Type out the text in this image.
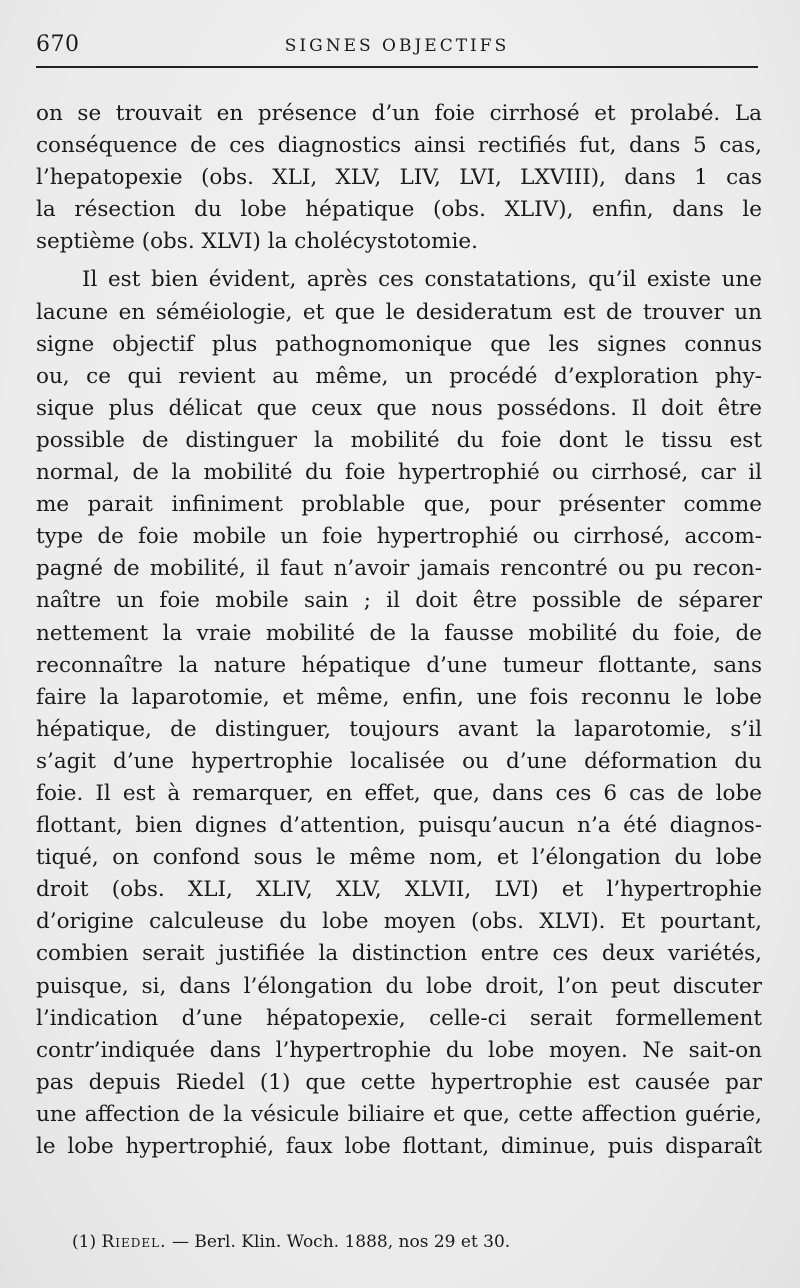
670	SIGNES OBJECTIFS
on se trouvait en présence d’un foie cirrhosé et prolabé. La
conséquence de ces diagnostics ainsi rectifiés fut, dans 5 cas,
l’hepatopexie (obs. XLI, XLV, LIV, LVI, LXVIII), dans 1 cas
la résection du lobe hépatique (obs. XLIV), enfin, dans le
septième (obs. XLVI) la cholécystotomie.
Il est bien évident, après ces constatations, qu’il existe une
lacune en séméiologie, et que le desideratum est de trouver un
signe objectif plus pathognomonique que les signes connus
ou, ce qui revient au même, un procédé d’exploration phy-
sique plus délicat que ceux que nous possédons. Il doit être
possible de distinguer la mobilité du foie dont le tissu est
normal, de la mobilité du foie hypertrophié ou cirrhosé, car il
me parait infiniment problable que, pour présenter comme
type de foie mobile un foie hypertrophié ou cirrhosé, accom-
pagné de mobilité, il faut n’avoir jamais rencontré ou pu recon-
naître un foie mobile sain ; il doit être possible de séparer
nettement la vraie mobilité de la fausse mobilité du foie, de
reconnaître la nature hépatique d’une tumeur flottante, sans
faire la laparotomie, et même, enfin, une fois reconnu le lobe
hépatique, de distinguer, toujours avant la laparotomie, s’il
s’agit d’une hypertrophie localisée ou d’une déformation du
foie. Il est à remarquer, en effet, que, dans ces 6 cas de lobe
flottant, bien dignes d’attention, puisqu’aucun n’a été diagnos-
tiqué, on confond sous le même nom, et l’élongation du lobe
droit (obs. XLI, XLIV, XLV, XLVII, LVI) et l’hypertrophie
d’origine calculeuse du lobe moyen (obs. XLVI). Et pourtant,
combien serait justifiée la distinction entre ces deux variétés,
puisque, si, dans l’élongation du lobe droit, l’on peut discuter
l’indication d’une hépatopexie, celle-ci serait formellement
contr’indiquée dans l’hypertrophie du lobe moyen. Ne sait-on
pas depuis Riedel (1) que cette hypertrophie est causée par
une affection de la vésicule biliaire et que, cette affection guérie,
le lobe hypertrophié, faux lobe flottant, diminue, puis disparaît
(1) Riedel. — Berl. Klin. Woch. 1888, nos 29 et 30.
